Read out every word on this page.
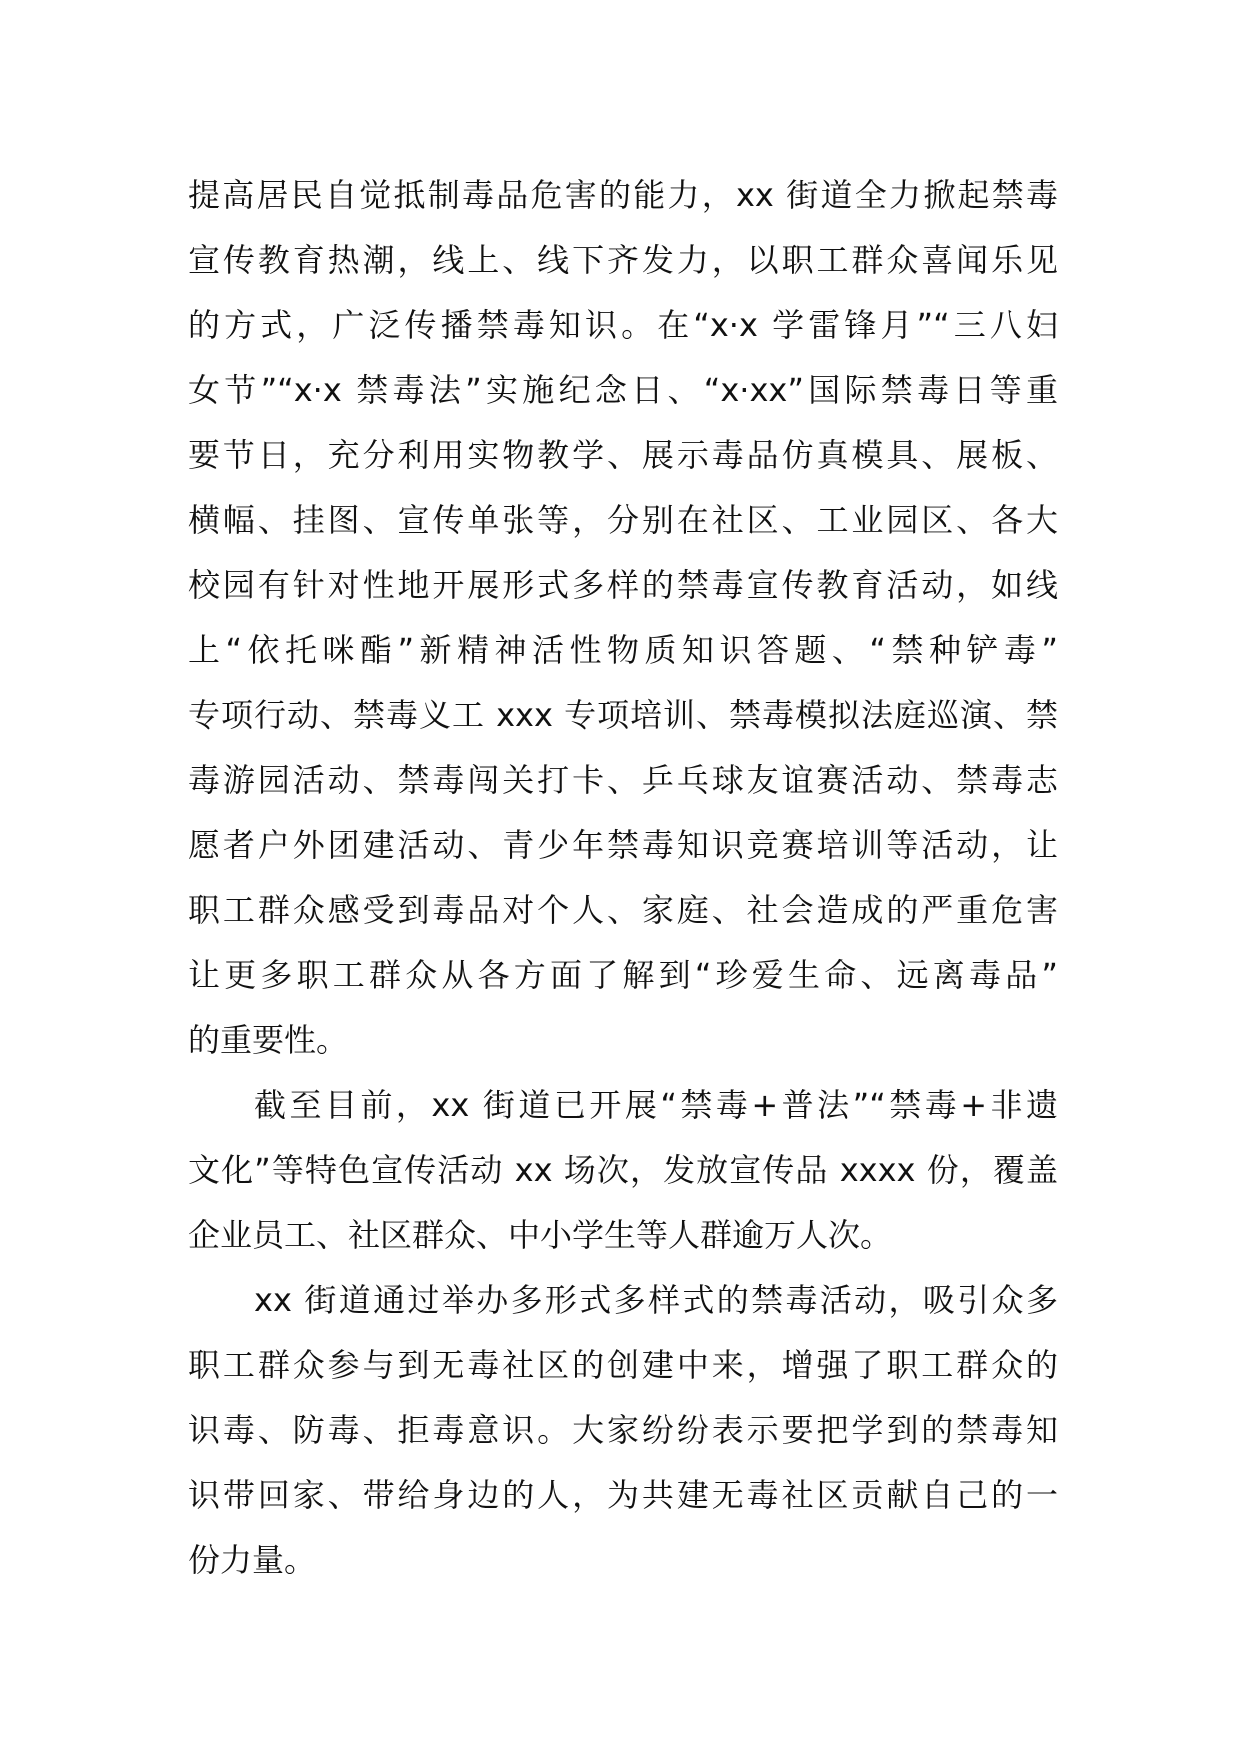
提高居民自觉抵制毒品危害的能力，xx 街道全力掀起禁毒
宣传教育热潮，线上、线下齐发力，以职工群众喜闻乐见
的方式，广泛传播禁毒知识。在“x·x 学雷锋月”“三八妇
女节”“x·x 禁毒法”实施纪念日、“x·xx”国际禁毒日等重
要节日，充分利用实物教学、展示毒品仿真模具、展板、
横幅、挂图、宣传单张等，分别在社区、工业园区、各大
校园有针对性地开展形式多样的禁毒宣传教育活动，如线
上“依托咪酯”新精神活性物质知识答题、“禁种铲毒”
专项行动、禁毒义工 xxx 专项培训、禁毒模拟法庭巡演、禁
毒游园活动、禁毒闯关打卡、乒乓球友谊赛活动、禁毒志
愿者户外团建活动、青少年禁毒知识竞赛培训等活动，让
职工群众感受到毒品对个人、家庭、社会造成的严重危害
让更多职工群众从各方面了解到“珍爱生命、远离毒品”
的重要性。
截至目前，xx 街道已开展“禁毒+普法”“禁毒+非遗
文化”等特色宣传活动 xx 场次，发放宣传品 xxxx 份，覆盖
企业员工、社区群众、中小学生等人群逾万人次。
xx 街道通过举办多形式多样式的禁毒活动，吸引众多
职工群众参与到无毒社区的创建中来，增强了职工群众的
识毒、防毒、拒毒意识。大家纷纷表示要把学到的禁毒知
识带回家、带给身边的人，为共建无毒社区贡献自己的一
份力量。
